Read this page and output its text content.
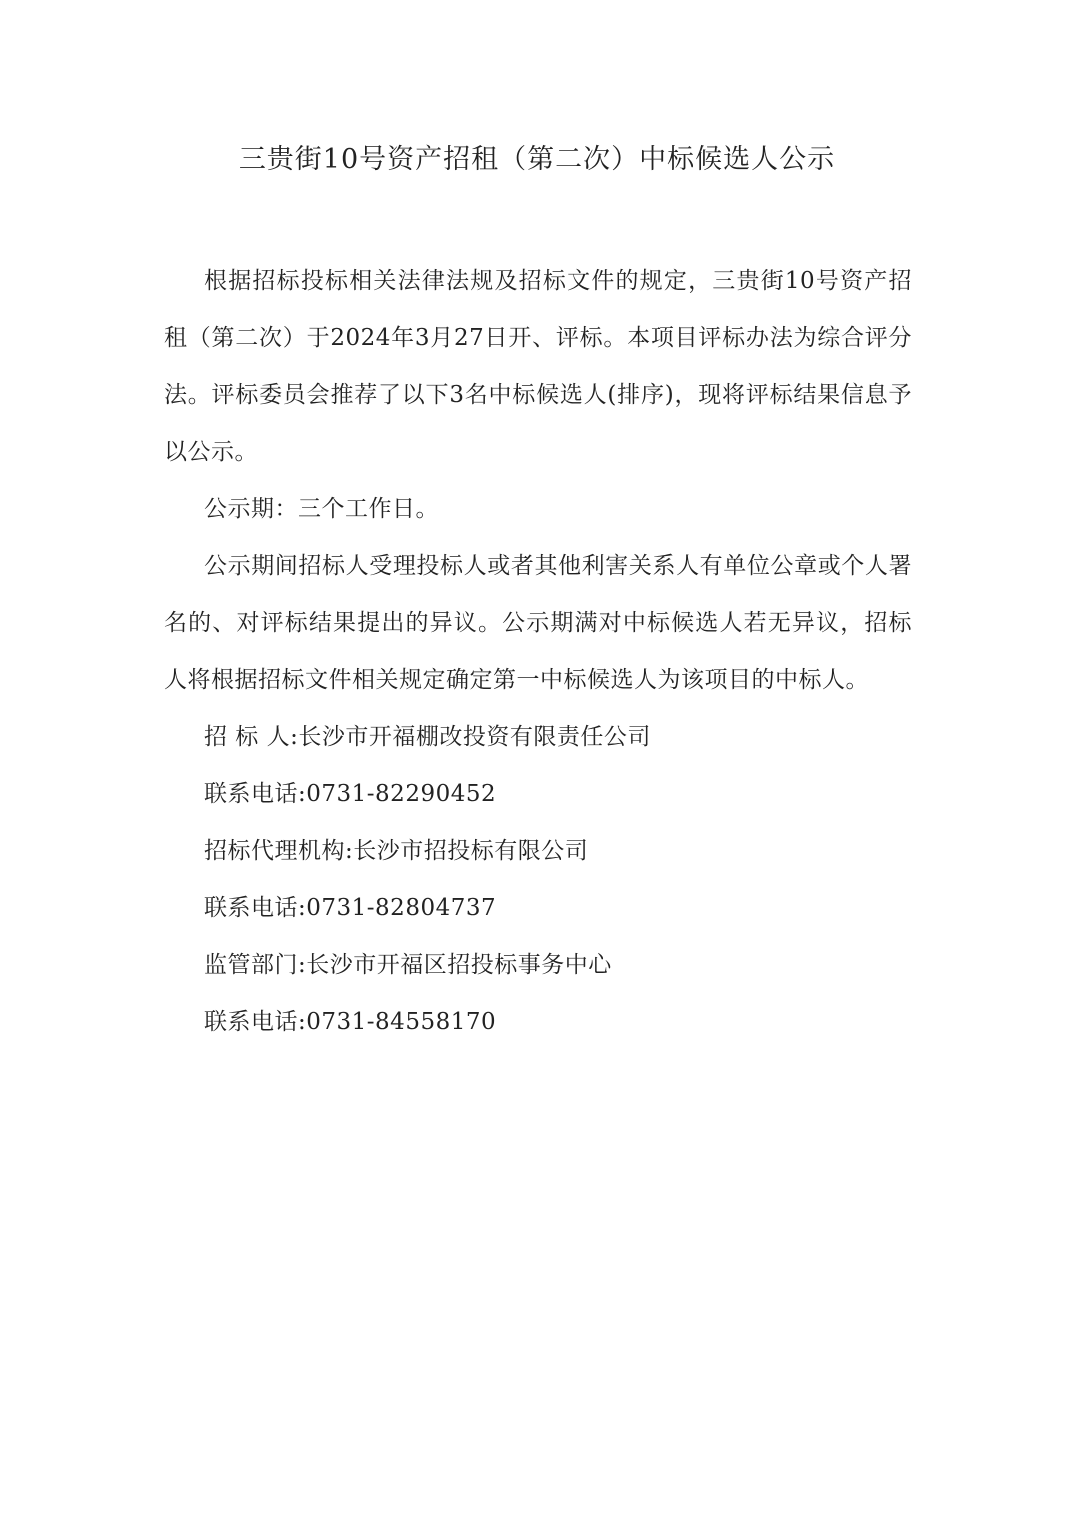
三贵街10号资产招租（第二次）中标候选人公示

根据招标投标相关法律法规及招标文件的规定，三贵街10号资产招租（第二次）于2024年3月27日开、评标。本项目评标办法为综合评分法。评标委员会推荐了以下3名中标候选人(排序)，现将评标结果信息予以公示。

公示期：三个工作日。

公示期间招标人受理投标人或者其他利害关系人有单位公章或个人署名的、对评标结果提出的异议。公示期满对中标候选人若无异议，招标人将根据招标文件相关规定确定第一中标候选人为该项目的中标人。

招 标 人:长沙市开福棚改投资有限责任公司
联系电话:0731-82290452
招标代理机构:长沙市招投标有限公司
联系电话:0731-82804737
监管部门:长沙市开福区招投标事务中心
联系电话:0731-84558170
